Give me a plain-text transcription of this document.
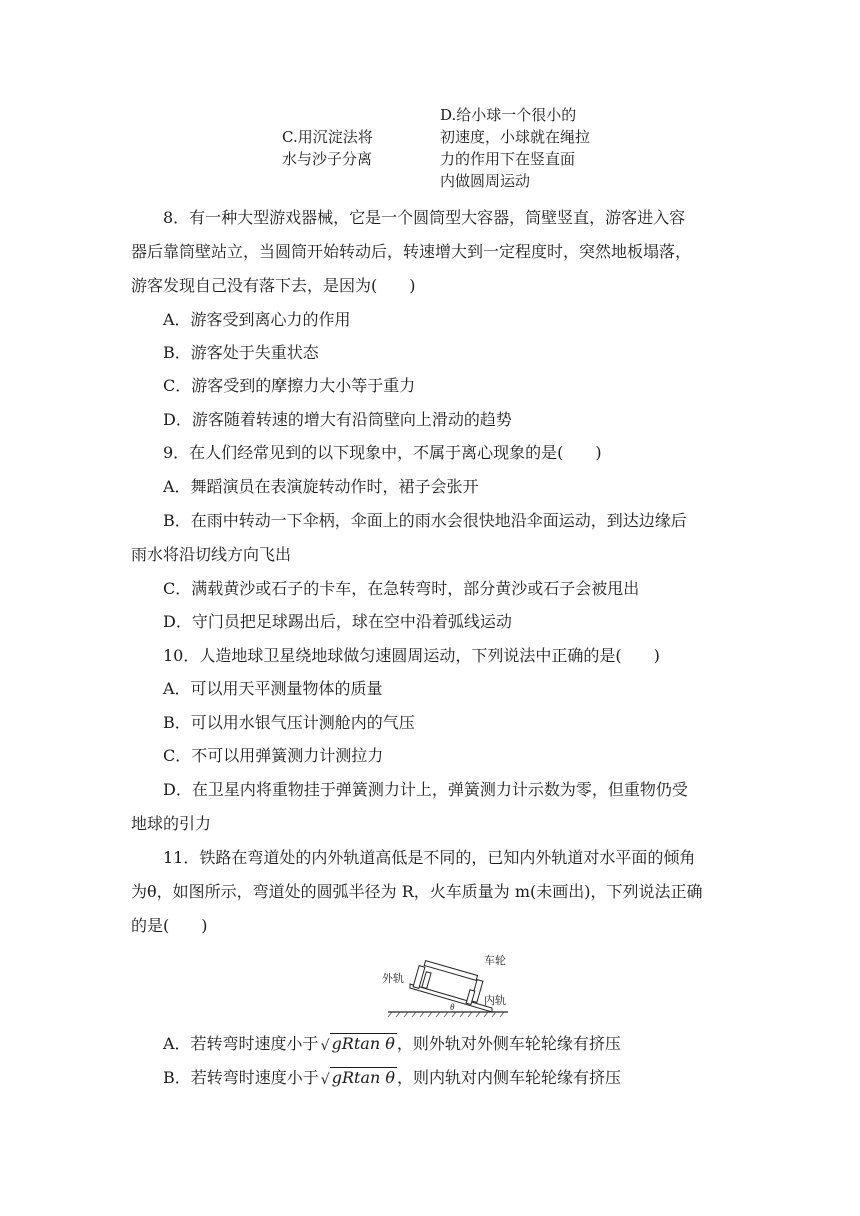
C.用沉淀法将
水与沙子分离
D.给小球一个很小的
初速度，小球就在绳拉
力的作用下在竖直面
内做圆周运动
8．有一种大型游戏器械，它是一个圆筒型大容器，筒壁竖直，游客进入容
器后靠筒壁站立，当圆筒开始转动后，转速增大到一定程度时，突然地板塌落，
游客发现自己没有落下去，是因为(　　)
A．游客受到离心力的作用
B．游客处于失重状态
C．游客受到的摩擦力大小等于重力
D．游客随着转速的增大有沿筒壁向上滑动的趋势
9．在人们经常见到的以下现象中，不属于离心现象的是(　　)
A．舞蹈演员在表演旋转动作时，裙子会张开
B．在雨中转动一下伞柄，伞面上的雨水会很快地沿伞面运动，到达边缘后
雨水将沿切线方向飞出
C．满载黄沙或石子的卡车，在急转弯时，部分黄沙或石子会被甩出
D．守门员把足球踢出后，球在空中沿着弧线运动
10．人造地球卫星绕地球做匀速圆周运动，下列说法中正确的是(　　)
A．可以用天平测量物体的质量
B．可以用水银气压计测舱内的气压
C．不可以用弹簧测力计测拉力
D．在卫星内将重物挂于弹簧测力计上，弹簧测力计示数为零，但重物仍受
地球的引力
11．铁路在弯道处的内外轨道高低是不同的，已知内外轨道对水平面的倾角
为θ，如图所示，弯道处的圆弧半径为 R，火车质量为 m(未画出)，下列说法正确
的是(　　)
外轨
车轮
内轨
θ
A．若转弯时速度小于 √ gRtan θ ，则外轨对外侧车轮轮缘有挤压
B．若转弯时速度小于 √ gRtan θ ，则内轨对内侧车轮轮缘有挤压
